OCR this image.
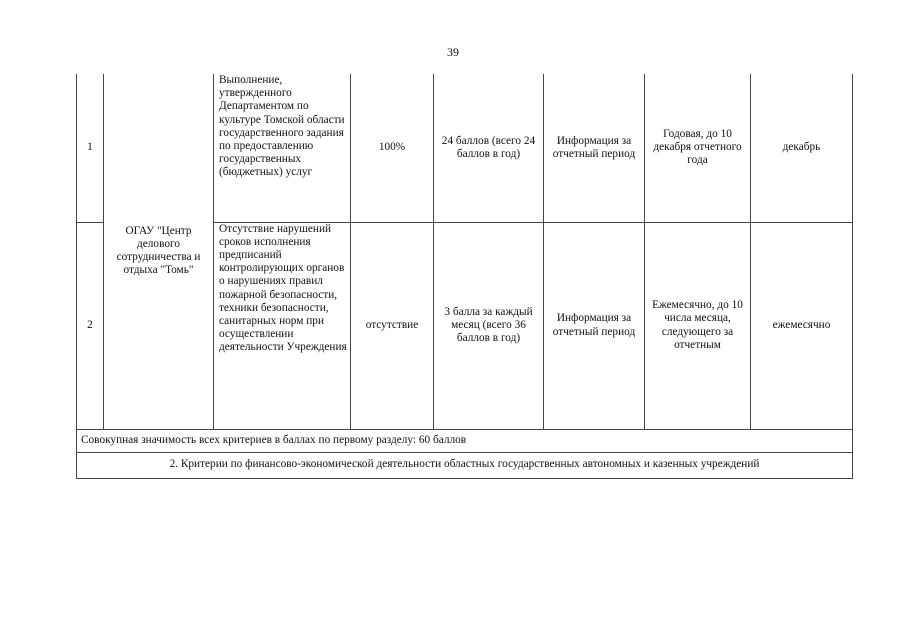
39
1	ОГАУ "Центр делового сотрудничества и отдыха "Томь"	Выполнение, утвержденного Департаментом по культуре Томской области государственного задания по предоставлению государственных (бюджетных) услуг	100%	24 баллов (всего 24 баллов в год)	Информация за отчетный период	Годовая, до 10 декабря отчетного года	декабрь
2		Отсутствие нарушений сроков исполнения предписаний контролирующих органов о нарушениях правил пожарной безопасности, техники безопасности, санитарных норм при осуществлении деятельности Учреждения	отсутствие	3 балла за каждый месяц (всего 36 баллов в год)	Информация за отчетный период	Ежемесячно, до 10 числа месяца, следующего за отчетным	ежемесячно
Совокупная значимость всех критериев в баллах по первому разделу: 60 баллов							
2. Критерии по финансово-экономической деятельности областных государственных автономных и казенных учреждений							
